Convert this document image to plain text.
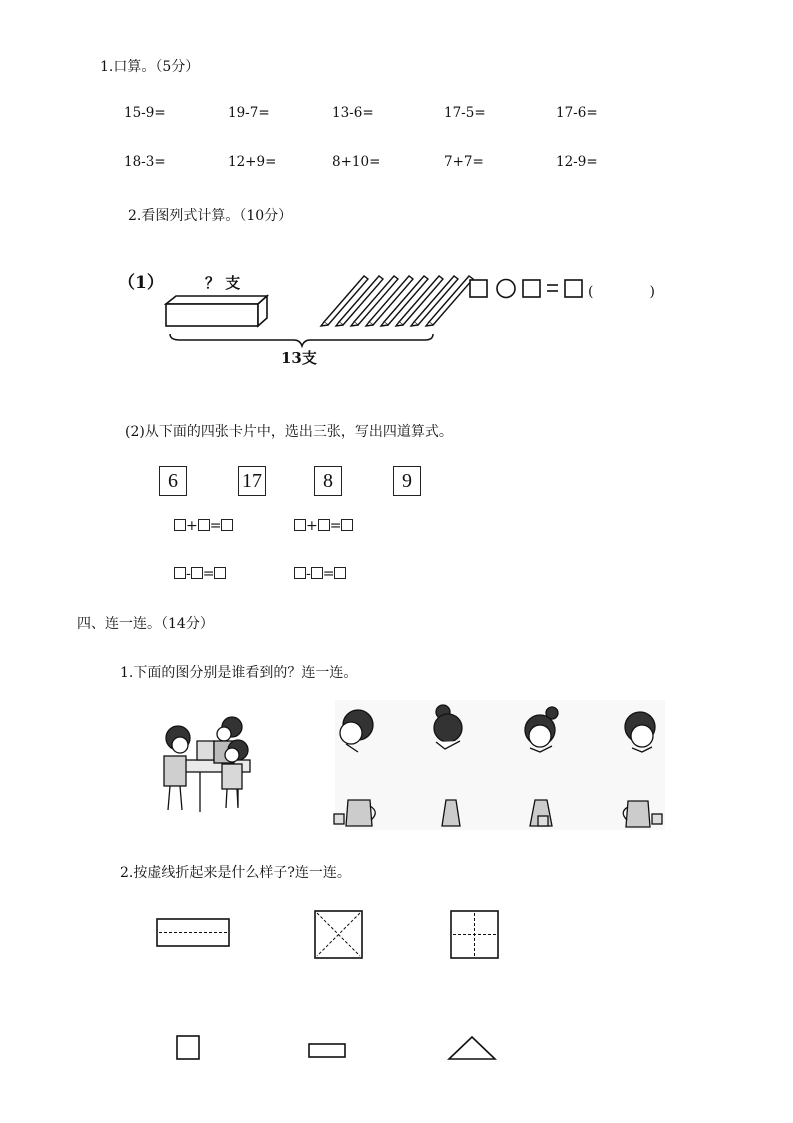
1.口算。（5分）
15-9=	19-7=	13-6=	17-5=	17-6=
18-3=	12+9=	8+10=	7+7=	12-9=
2.看图列式计算。（10分）
（1）	？ 支
13支
(　　　　)
(2)从下面的四张卡片中，选出三张，写出四道算式。
6	17	8	9
+ =	+ =
- =	- =
四、连一连。（14分）
1.下面的图分别是谁看到的？连一连。
2.按虚线折起来是什么样子?连一连。
